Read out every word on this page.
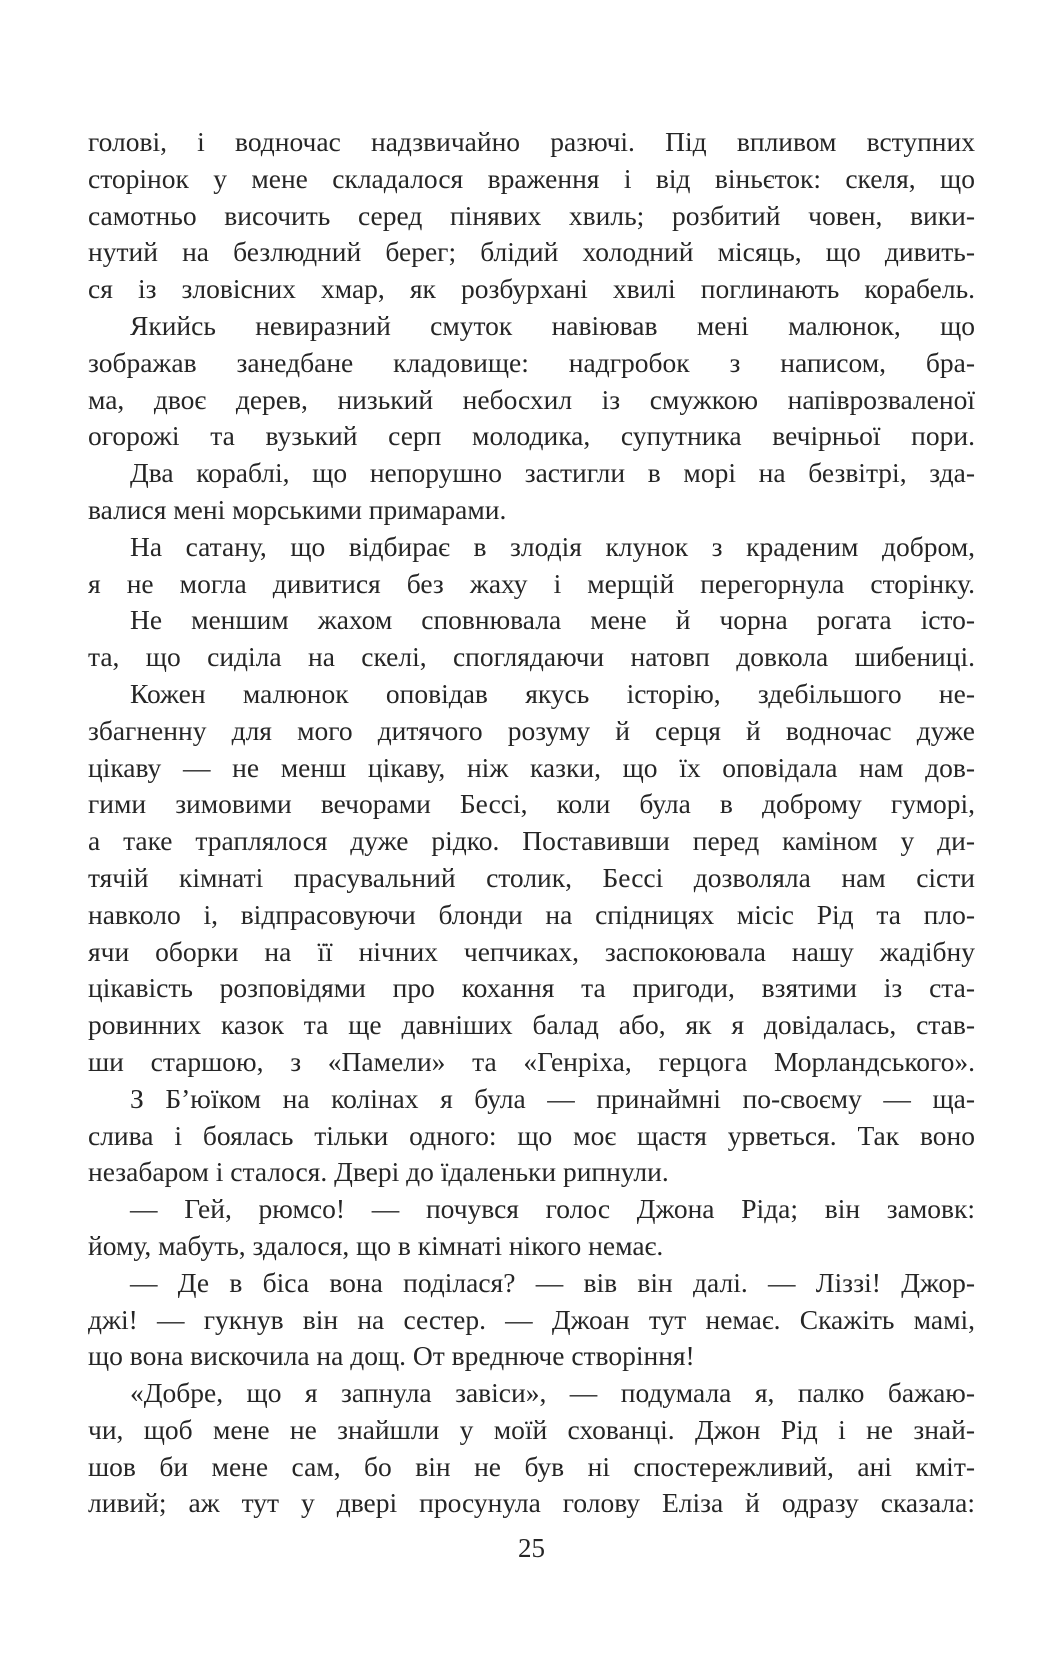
голові, і водночас надзвичайно разючі. Під впливом вступних

сторінок у мене складалося враження і від віньєток: скеля, що

самотньо височить серед пінявих хвиль; розбитий човен, вики-

нутий на безлюдний берег; блідий холодний місяць, що дивить-

ся із зловісних хмар, як розбурхані хвилі поглинають корабель.

Якийсь невиразний смуток навіював мені малюнок, що

зображав занедбане кладовище: надгробок з написом, бра-

ма, двоє дерев, низький небосхил із смужкою напіврозваленої

огорожі та вузький серп молодика, супутника вечірньої пори.

Два кораблі, що непорушно застигли в морі на безвітрі, зда-

валися мені морськими примарами.

На сатану, що відбирає в злодія клунок з краденим добром,

я не могла дивитися без жаху і мерщій перегорнула сторінку.

Не меншим жахом сповнювала мене й чорна рогата істо-

та, що сиділа на скелі, споглядаючи натовп довкола шибениці.

Кожен малюнок оповідав якусь історію, здебільшого не-

збагненну для мого дитячого розуму й серця й водночас дуже

цікаву — не менш цікаву, ніж казки, що їх оповідала нам дов-

гими зимовими вечорами Бессі, коли була в доброму гуморі,

а таке траплялося дуже рідко. Поставивши перед каміном у ди-

тячій кімнаті прасувальний столик, Бессі дозволяла нам сісти

навколо і, відпрасовуючи блонди на спідницях місіс Рід та пло-

ячи оборки на її нічних чепчиках, заспокоювала нашу жадібну

цікавість розповідями про кохання та пригоди, взятими із ста-

ровинних казок та ще давніших балад або, як я довідалась, став-

ши старшою, з «Памели» та «Генріха, герцога Морландського».

З Б’юїком на колінах я була — принаймні по-своєму — ща-

слива і боялась тільки одного: що моє щастя урветься. Так воно

незабаром і сталося. Двері до їдаленьки рипнули.

— Гей, рюмсо! — почувся голос Джона Ріда; він замовк:

йому, мабуть, здалося, що в кімнаті нікого немає.

— Де в біса вона поділася? — вів він далі. — Ліззі! Джор-

джі! — гукнув він на сестер. — Джоан тут немає. Скажіть мамі,

що вона вискочила на дощ. От вреднюче створіння!

«Добре, що я запнула завіси», — подумала я, палко бажаю-

чи, щоб мене не знайшли у моїй схованці. Джон Рід і не знай-

шов би мене сам, бо він не був ні спостережливий, ані кміт-

ливий; аж тут у двері просунула голову Еліза й одразу сказала:

25
